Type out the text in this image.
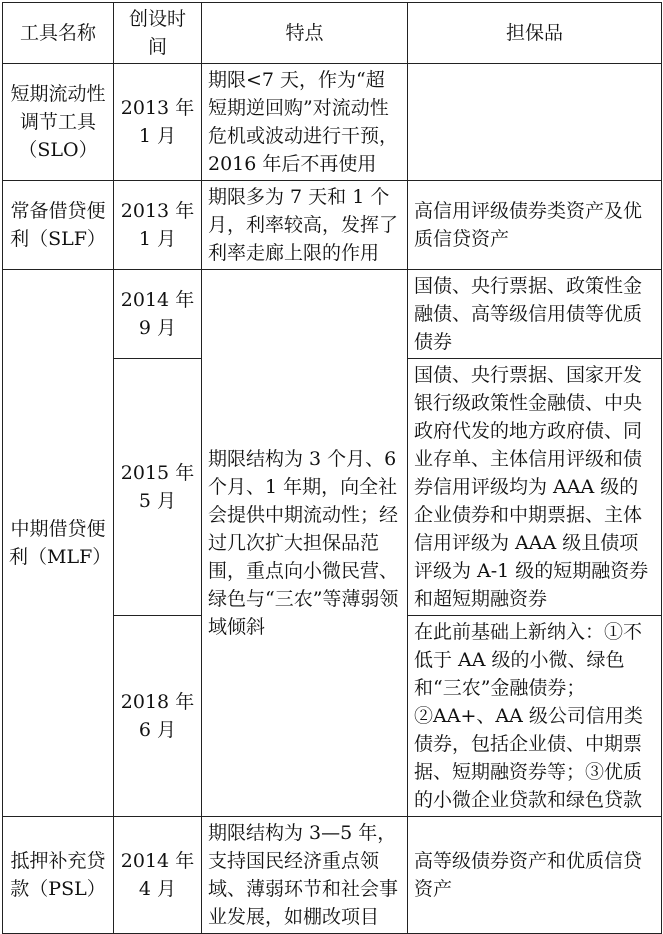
工具名称	创设时间	特点	担保品
短期流动性调节工具（SLO）	2013 年 1 月	期限<7 天，作为“超短期逆回购”对流动性危机或波动进行干预，2016 年后不再使用	
常备借贷便利（SLF）	2013 年 1 月	期限多为 7 天和 1 个月，利率较高，发挥了利率走廊上限的作用	高信用评级债券类资产及优质信贷资产
中期借贷便利（MLF）	2014 年 9 月	期限结构为 3 个月、6 个月、1 年期，向全社会提供中期流动性；经过几次扩大担保品范围，重点向小微民营、绿色与“三农”等薄弱领域倾斜	国债、央行票据、政策性金融债、高等级信用债等优质债券
	2015 年 5 月		国债、央行票据、国家开发银行级政策性金融债、中央政府代发的地方政府债、同业存单、主体信用评级和债券信用评级均为 AAA 级的企业债券和中期票据、主体信用评级为 AAA 级且债项评级为 A-1 级的短期融资券和超短期融资券
	2018 年 6 月		在此前基础上新纳入：①不低于 AA 级的小微、绿色和“三农”金融债券；②AA+、AA 级公司信用类债券，包括企业债、中期票据、短期融资券等；③优质的小微企业贷款和绿色贷款
抵押补充贷款（PSL）	2014 年 4 月	期限结构为 3—5 年，支持国民经济重点领域、薄弱环节和社会事业发展，如棚改项目	高等级债券资产和优质信贷资产
